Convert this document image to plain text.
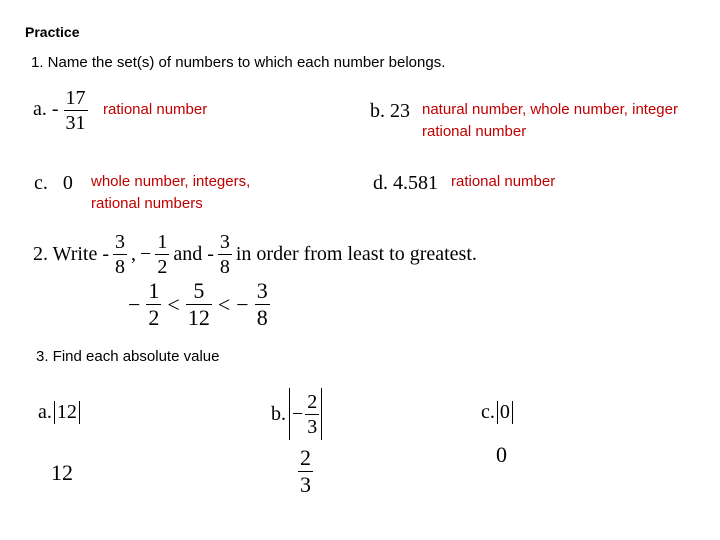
Practice
1. Name the set(s) of numbers to which each number belongs.
a. - $\frac{17}{31}$ rational number	b. 23 natural number, whole number, integer
rational number
c. 0 whole number, integers,
rational numbers
d. 4.581 rational number
2. Write - $\frac{3}{8}$ , − $\frac{1}{2}$ and - $\frac{3}{8}$ in order from least to greatest.
− $\frac{1}{2} < \frac{5}{12}$ < − $\frac{3}{8}$
3. Find each absolute value
a. 12
12
b. − $\frac{2}{3}$
$\frac{2}{3}$
c. 0
0
